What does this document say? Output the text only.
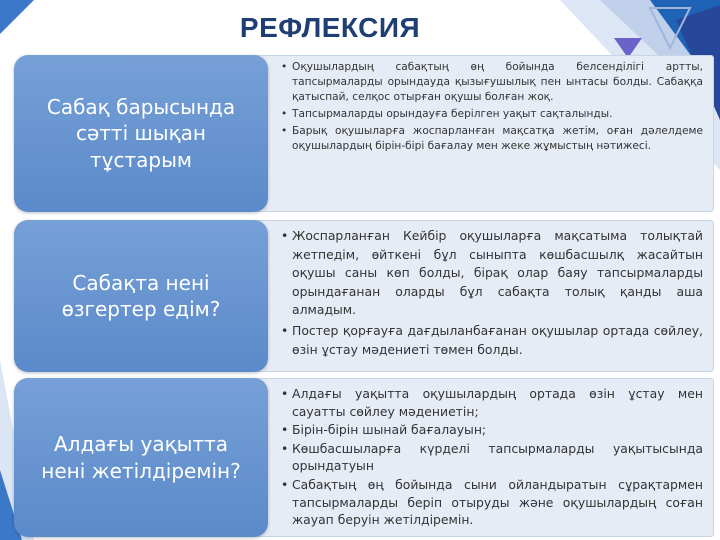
РЕФЛЕКСИЯ
• Оқушылардың сабақтың өң бойында белсенділігі артты, тапсырмаларды орындауда қызығушылық пен ынтасы болды. Сабаққа қатыспай, селқос отырған оқушы болған жоқ.
• Тапсырмаларды орындауға берілген уақыт сақталынды.
• Барық оқушыларға жоспарланған мақсатқа жетім, оған дәлелдеме оқушылардың бірін-бірі бағалау мен жеке жұмыстың нәтижесі.
Сабақ барысында сәтті шықан тұстарым
• Жоспарланған Кейбір оқушыларға мақсатыма толықтай жетпедім, өйткені бұл сыныпта көшбасшылқ жасайтын оқушы саны көп болды, бірақ олар баяу тапсырмаларды орындағанан оларды бұл сабақта толық қанды аша алмадым.
• Постер қорғауға дағдыланбағанан оқушылар ортада сөйлеу, өзін ұстау мәдениеті төмен болды.
Сабақта нені өзгертер едім?
• Алдағы уақытта оқушылардың ортада өзін ұстау мен сауатты сөйлеу мәдениетін;
• Бірін-бірін шынай бағалауын;
• Көшбасшыларға күрделі тапсырмаларды уақытысында орындатуын
• Сабақтың өң бойында сыни ойландыратын сұрақтармен тапсырмаларды беріп отыруды және оқушылардың соған жауап беруін жетілдіремін.
Алдағы уақытта нені жетілдіремін?
